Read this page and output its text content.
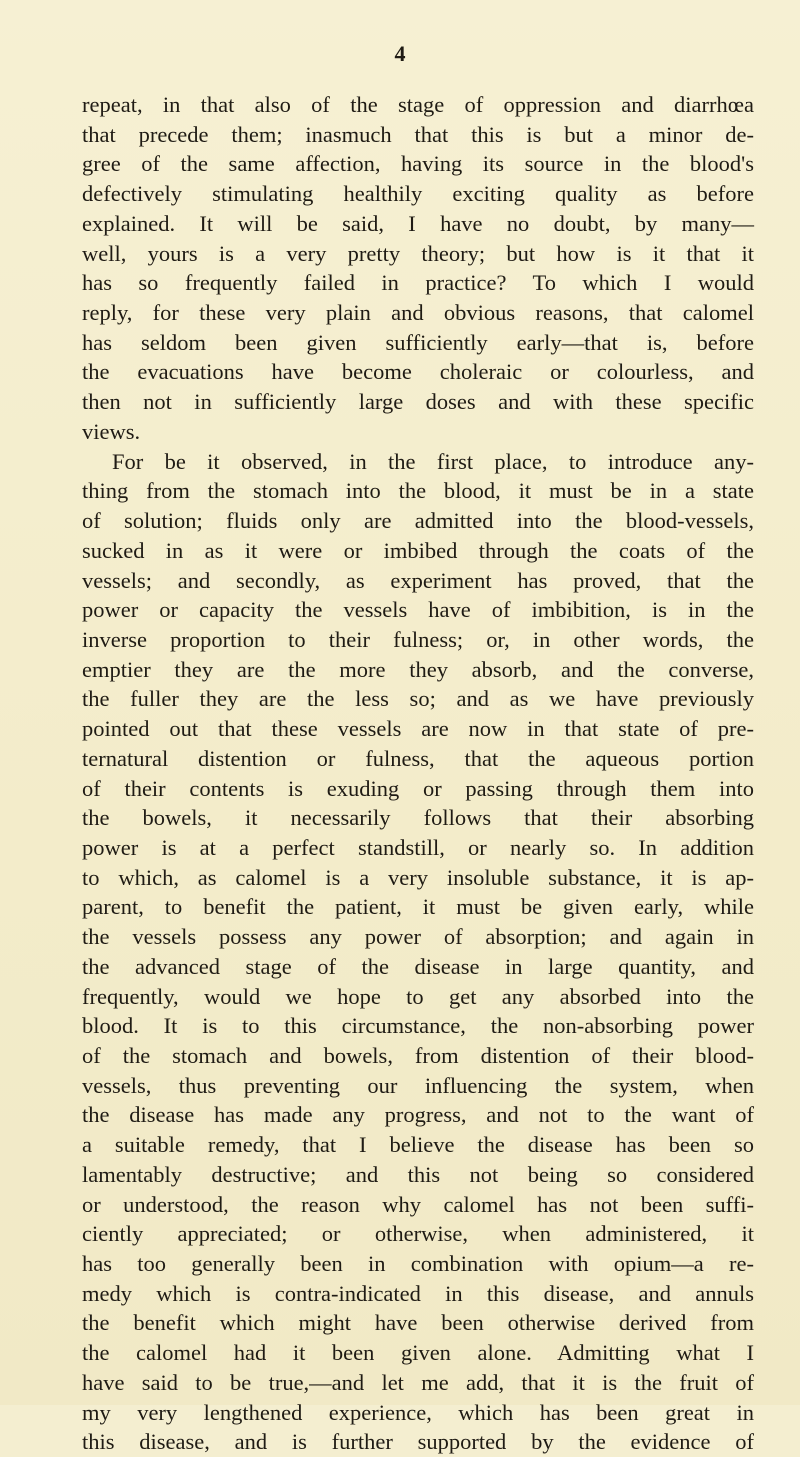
4
repeat, in that also of the stage of oppression and diarrhœa
that precede them; inasmuch that this is but a minor de-
gree of the same affection, having its source in the blood's
defectively stimulating healthily exciting quality as before
explained. It will be said, I have no doubt, by many—
well, yours is a very pretty theory; but how is it that it
has so frequently failed in practice? To which I would
reply, for these very plain and obvious reasons, that calomel
has seldom been given sufficiently early—that is, before
the evacuations have become choleraic or colourless, and
then not in sufficiently large doses and with these specific
views.
For be it observed, in the first place, to introduce any-
thing from the stomach into the blood, it must be in a state
of solution; fluids only are admitted into the blood-vessels,
sucked in as it were or imbibed through the coats of the
vessels; and secondly, as experiment has proved, that the
power or capacity the vessels have of imbibition, is in the
inverse proportion to their fulness; or, in other words, the
emptier they are the more they absorb, and the converse,
the fuller they are the less so; and as we have previously
pointed out that these vessels are now in that state of pre-
ternatural distention or fulness, that the aqueous portion
of their contents is exuding or passing through them into
the bowels, it necessarily follows that their absorbing
power is at a perfect standstill, or nearly so. In addition
to which, as calomel is a very insoluble substance, it is ap-
parent, to benefit the patient, it must be given early, while
the vessels possess any power of absorption; and again in
the advanced stage of the disease in large quantity, and
frequently, would we hope to get any absorbed into the
blood. It is to this circumstance, the non-absorbing power
of the stomach and bowels, from distention of their blood-
vessels, thus preventing our influencing the system, when
the disease has made any progress, and not to the want of
a suitable remedy, that I believe the disease has been so
lamentably destructive; and this not being so considered
or understood, the reason why calomel has not been suffi-
ciently appreciated; or otherwise, when administered, it
has too generally been in combination with opium—a re-
medy which is contra-indicated in this disease, and annuls
the benefit which might have been otherwise derived from
the calomel had it been given alone. Admitting what I
have said to be true,—and let me add, that it is the fruit of
my very lengthened experience, which has been great in
this disease, and is further supported by the evidence of
